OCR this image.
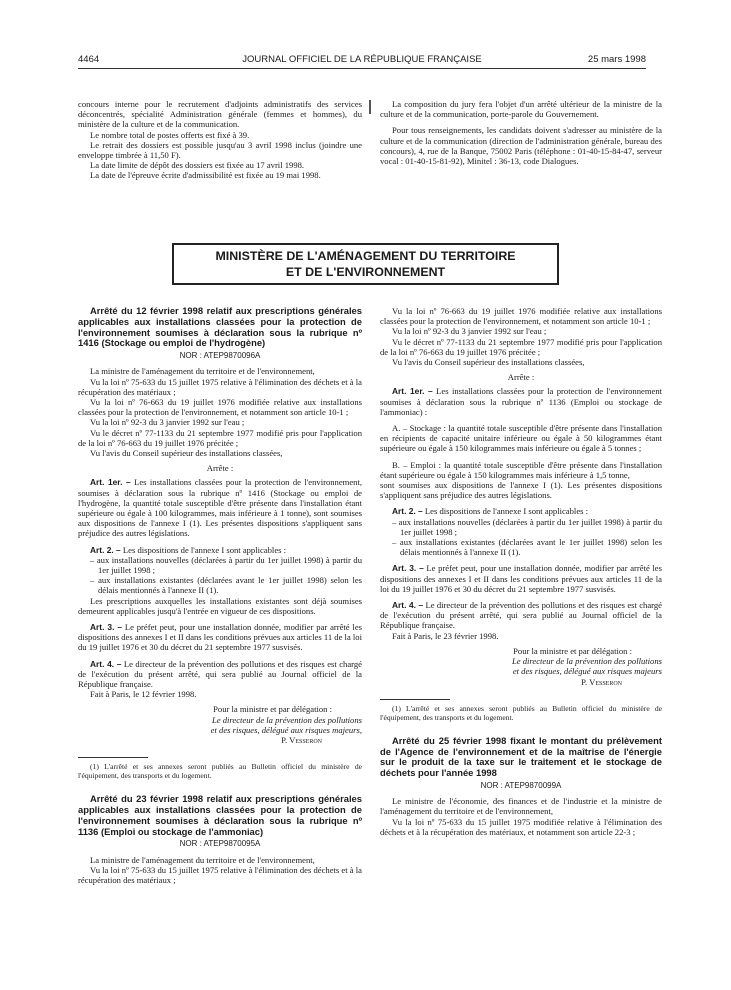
4464	JOURNAL OFFICIEL DE LA RÉPUBLIQUE FRANÇAISE	25 mars 1998

concours interne pour le recrutement d'adjoints administratifs des services déconcentrés, spécialité Administration générale (femmes et hommes), du ministère de la culture et de la communication.

Le nombre total de postes offerts est fixé à 39.

Le retrait des dossiers est possible jusqu'au 3 avril 1998 inclus (joindre une enveloppe timbrée à 11,50 F).

La date limite de dépôt des dossiers est fixée au 17 avril 1998.

La date de l'épreuve écrite d'admissibilité est fixée au 19 mai 1998.

La composition du jury fera l'objet d'un arrêté ultérieur de la ministre de la culture et de la communication, porte-parole du Gouvernement.

Pour tous renseignements, les candidats doivent s'adresser au ministère de la culture et de la communication (direction de l'administration générale, bureau des concours), 4, rue de la Banque, 75002 Paris (téléphone : 01-40-15-84-47, serveur vocal : 01-40-15-81-92), Minitel : 36-13, code Dialogues.

MINISTÈRE DE L'AMÉNAGEMENT DU TERRITOIRE
ET DE L'ENVIRONNEMENT

Arrêté du 12 février 1998 relatif aux prescriptions générales applicables aux installations classées pour la protection de l'environnement soumises à déclaration sous la rubrique nº 1416 (Stockage ou emploi de l'hydrogène)

NOR : ATEP9870096A

La ministre de l'aménagement du territoire et de l'environnement,

Vu la loi nº 75-633 du 15 juillet 1975 relative à l'élimination des déchets et à la récupération des matériaux ;

Vu la loi nº 76-663 du 19 juillet 1976 modifiée relative aux installations classées pour la protection de l'environnement, et notamment son article 10-1 ;

Vu la loi nº 92-3 du 3 janvier 1992 sur l'eau ;

Vu le décret nº 77-1133 du 21 septembre 1977 modifié pris pour l'application de la loi nº 76-663 du 19 juillet 1976 précitée ;

Vu l'avis du Conseil supérieur des installations classées,

Arrête :

Art. 1er. – Les installations classées pour la protection de l'environnement, soumises à déclaration sous la rubrique nº 1416 (Stockage ou emploi de l'hydrogène, la quantité totale susceptible d'être présente dans l'installation étant supérieure ou égale à 100 kilogrammes, mais inférieure à 1 tonne), sont soumises aux dispositions de l'annexe I (1). Les présentes dispositions s'appliquent sans préjudice des autres législations.

Art. 2. – Les dispositions de l'annexe I sont applicables :

– aux installations nouvelles (déclarées à partir du 1er juillet 1998) à partir du 1er juillet 1998 ;

– aux installations existantes (déclarées avant le 1er juillet 1998) selon les délais mentionnés à l'annexe II (1).

Les prescriptions auxquelles les installations existantes sont déjà soumises demeurent applicables jusqu'à l'entrée en vigueur de ces dispositions.

Art. 3. – Le préfet peut, pour une installation donnée, modifier par arrêté les dispositions des annexes I et II dans les conditions prévues aux articles 11 de la loi du 19 juillet 1976 et 30 du décret du 21 septembre 1977 susvisés.

Art. 4. – Le directeur de la prévention des pollutions et des risques est chargé de l'exécution du présent arrêté, qui sera publié au Journal officiel de la République française.

Fait à Paris, le 12 février 1998.

Pour la ministre et par délégation :

Le directeur de la prévention des pollutions

et des risques, délégué aux risques majeurs,

P. Vesseron

(1) L'arrêté et ses annexes seront publiés au Bulletin officiel du ministère de l'équipement, des transports et du logement.

Arrêté du 23 février 1998 relatif aux prescriptions générales applicables aux installations classées pour la protection de l'environnement soumises à déclaration sous la rubrique nº 1136 (Emploi ou stockage de l'ammoniac)

NOR : ATEP9870095A

La ministre de l'aménagement du territoire et de l'environnement,

Vu la loi nº 75-633 du 15 juillet 1975 relative à l'élimination des déchets et à la récupération des matériaux ;

Vu la loi nº 76-663 du 19 juillet 1976 modifiée relative aux installations classées pour la protection de l'environnement, et notamment son article 10-1 ;

Vu la loi nº 92-3 du 3 janvier 1992 sur l'eau ;

Vu le décret nº 77-1133 du 21 septembre 1977 modifié pris pour l'application de la loi nº 76-663 du 19 juillet 1976 précitée ;

Vu l'avis du Conseil supérieur des installations classées,

Arrête :

Art. 1er. – Les installations classées pour la protection de l'environnement soumises à déclaration sous la rubrique nº 1136 (Emploi ou stockage de l'ammoniac) :

A. – Stockage : la quantité totale susceptible d'être présente dans l'installation en récipients de capacité unitaire inférieure ou égale à 50 kilogrammes étant supérieure ou égale à 150 kilogrammes mais inférieure ou égale à 5 tonnes ;

B. – Emploi : la quantité totale susceptible d'être présente dans l'installation étant supérieure ou égale à 150 kilogrammes mais inférieure à 1,5 tonne,

sont soumises aux dispositions de l'annexe I (1). Les présentes dispositions s'appliquent sans préjudice des autres législations.

Art. 2. – Les dispositions de l'annexe I sont applicables :

– aux installations nouvelles (déclarées à partir du 1er juillet 1998) à partir du 1er juillet 1998 ;

– aux installations existantes (déclarées avant le 1er juillet 1998) selon les délais mentionnés à l'annexe II (1).

Art. 3. – Le préfet peut, pour une installation donnée, modifier par arrêté les dispositions des annexes I et II dans les conditions prévues aux articles 11 de la loi du 19 juillet 1976 et 30 du décret du 21 septembre 1977 susvisés.

Art. 4. – Le directeur de la prévention des pollutions et des risques est chargé de l'exécution du présent arrêté, qui sera publié au Journal officiel de la République française.

Fait à Paris, le 23 février 1998.

Pour la ministre et par délégation :

Le directeur de la prévention des pollutions

et des risques, délégué aux risques majeurs

P. Vesseron

(1) L'arrêté et ses annexes seront publiés au Bulletin officiel du ministère de l'équipement, des transports et du logement.

Arrêté du 25 février 1998 fixant le montant du prélèvement de l'Agence de l'environnement et de la maîtrise de l'énergie sur le produit de la taxe sur le traitement et le stockage de déchets pour l'année 1998

NOR : ATEP9870099A

Le ministre de l'économie, des finances et de l'industrie et la ministre de l'aménagement du territoire et de l'environnement,

Vu la loi nº 75-633 du 15 juillet 1975 modifiée relative à l'élimination des déchets et à la récupération des matériaux, et notamment son article 22-3 ;
